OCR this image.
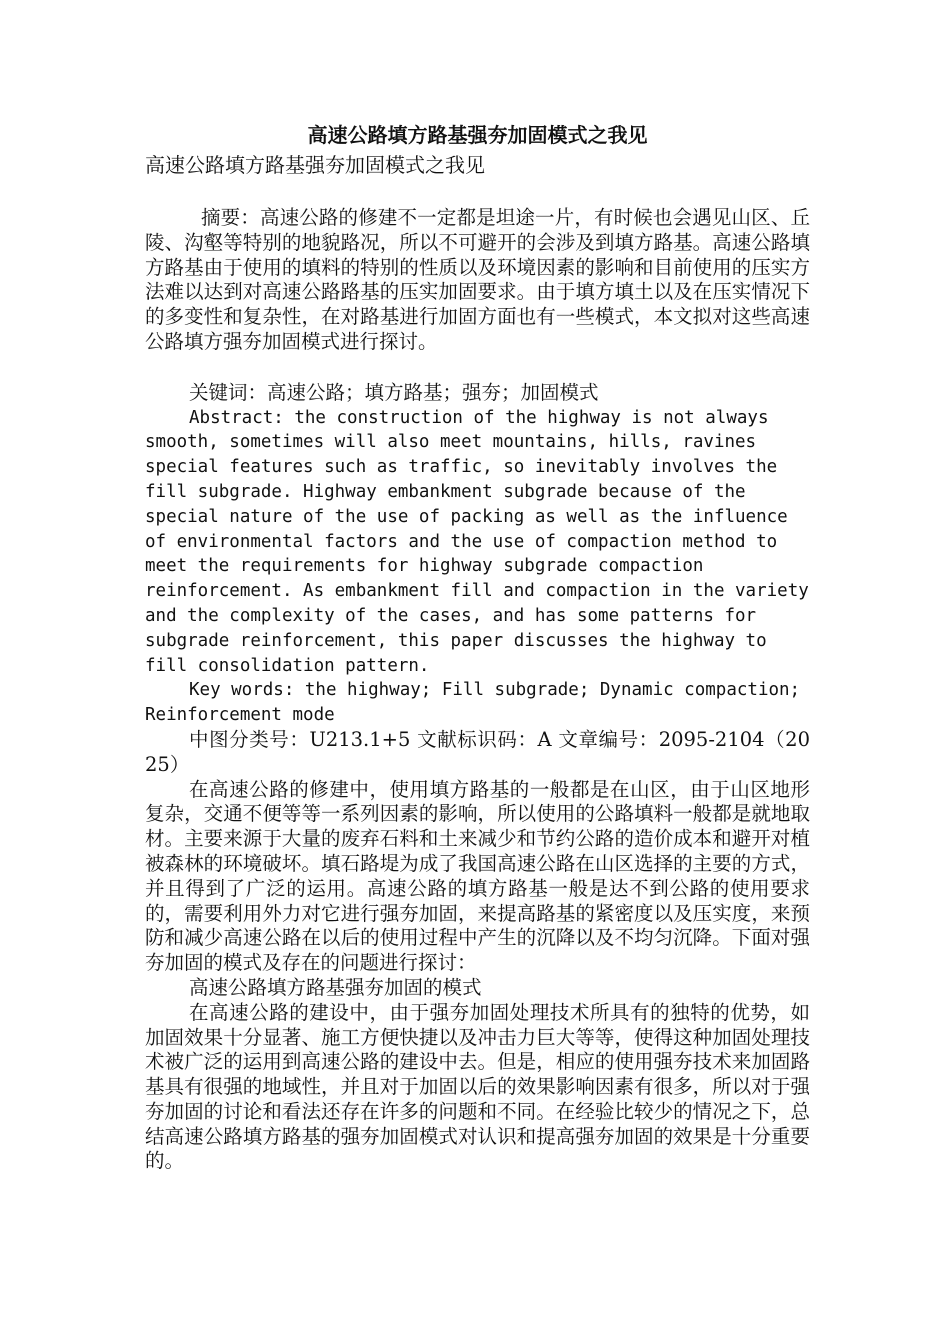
高速公路填方路基强夯加固模式之我见

高速公路填方路基强夯加固模式之我见

摘要：高速公路的修建不一定都是坦途一片，有时候也会遇见山区、丘陵、沟壑等特别的地貌路况，所以不可避开的会涉及到填方路基。高速公路填方路基由于使用的填料的特别的性质以及环境因素的影响和目前使用的压实方法难以达到对高速公路路基的压实加固要求。由于填方填土以及在压实情况下的多变性和复杂性，在对路基进行加固方面也有一些模式，本文拟对这些高速公路填方强夯加固模式进行探讨。

关键词：高速公路；填方路基；强夯；加固模式

Abstract: the construction of the highway is not always smooth, sometimes will also meet mountains, hills, ravines special features such as traffic, so inevitably involves the fill subgrade. Highway embankment subgrade because of the special nature of the use of packing as well as the influence of environmental factors and the use of compaction method to meet the requirements for highway subgrade compaction reinforcement. As embankment fill and compaction in the variety and the complexity of the cases, and has some patterns for subgrade reinforcement, this paper discusses the highway to fill consolidation pattern.

Key words: the highway; Fill subgrade; Dynamic compaction; Reinforcement mode

中图分类号：U213.1+5 文献标识码：A 文章编号：2095-2104（2025）

在高速公路的修建中，使用填方路基的一般都是在山区，由于山区地形复杂，交通不便等等一系列因素的影响，所以使用的公路填料一般都是就地取材。主要来源于大量的废弃石料和土来减少和节约公路的造价成本和避开对植被森林的环境破坏。填石路堤为成了我国高速公路在山区选择的主要的方式，并且得到了广泛的运用。高速公路的填方路基一般是达不到公路的使用要求的，需要利用外力对它进行强夯加固，来提高路基的紧密度以及压实度，来预防和减少高速公路在以后的使用过程中产生的沉降以及不均匀沉降。下面对强夯加固的模式及存在的问题进行探讨：

高速公路填方路基强夯加固的模式

在高速公路的建设中，由于强夯加固处理技术所具有的独特的优势，如加固效果十分显著、施工方便快捷以及冲击力巨大等等，使得这种加固处理技术被广泛的运用到高速公路的建设中去。但是，相应的使用强夯技术来加固路基具有很强的地域性，并且对于加固以后的效果影响因素有很多，所以对于强夯加固的讨论和看法还存在许多的问题和不同。在经验比较少的情况之下，总结高速公路填方路基的强夯加固模式对认识和提高强夯加固的效果是十分重要的。
